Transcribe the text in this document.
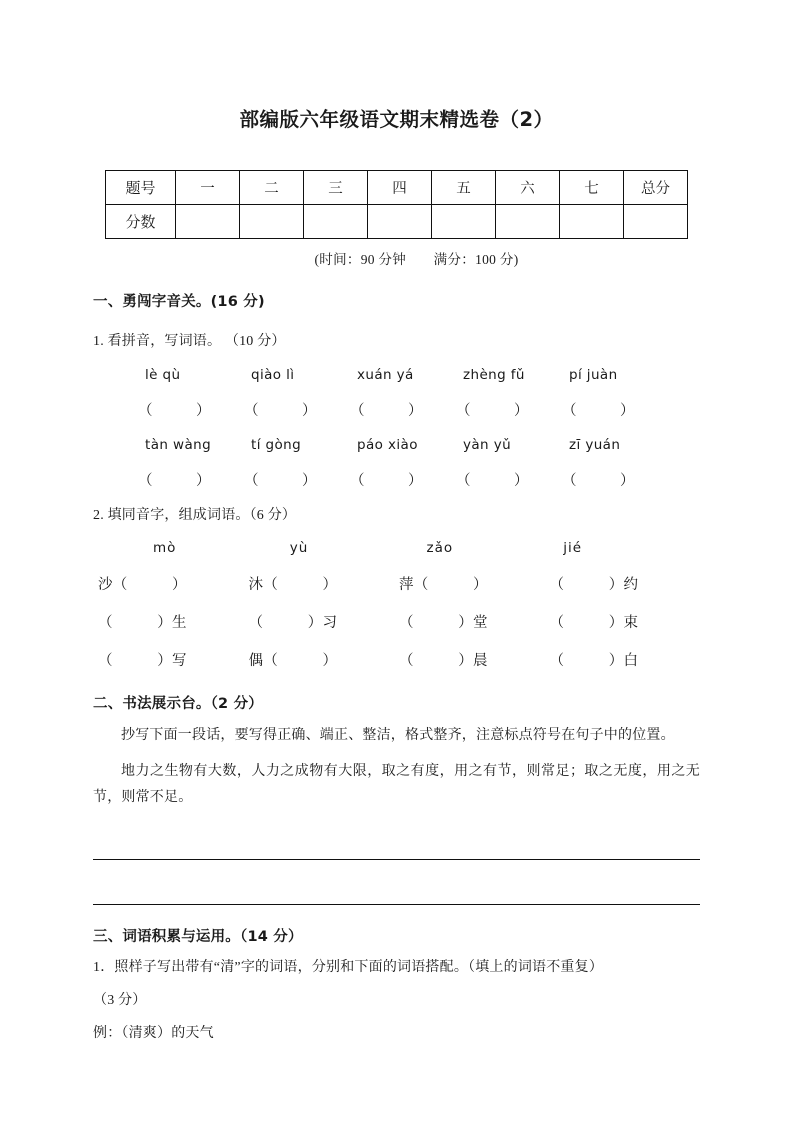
部编版六年级语文期末精选卷（2）
题号	一	二	三	四	五	六	七	总分
分数								
(时间：90 分钟　　满分：100 分)
一、勇闯字音关。(16 分)
1. 看拼音，写词语。 （10 分）
lè qù	qiào lì	xuán yá	zhèng fǔ	pí juàn
（　　　）	（　　　）	（　　　）	（　　　）	（　　　）
tàn wàng	tí gòng	páo xiào	yàn yǔ	zī yuán
（　　　）	（　　　）	（　　　）	（　　　）	（　　　）
2. 填同音字，组成词语。（6 分）
mò	yù	zǎo	jié
沙（　　　）	沐（　　　）	萍（　　　）	（　　　）约
（　　　）生	（　　　）习	（　　　）堂	（　　　）束
（　　　）写	偶（　　　）	（　　　）晨	（　　　）白
二、书法展示台。（2 分）
抄写下面一段话，要写得正确、端正、整洁，格式整齐，注意标点符号在句子中的位置。
地力之生物有大数，人力之成物有大限，取之有度，用之有节，则常足；取之无度，用之无节，则常不足。
三、词语积累与运用。（14 分）
1．照样子写出带有“清”字的词语，分别和下面的词语搭配。（填上的词语不重复）
（3 分）
例：（清爽）的天气
